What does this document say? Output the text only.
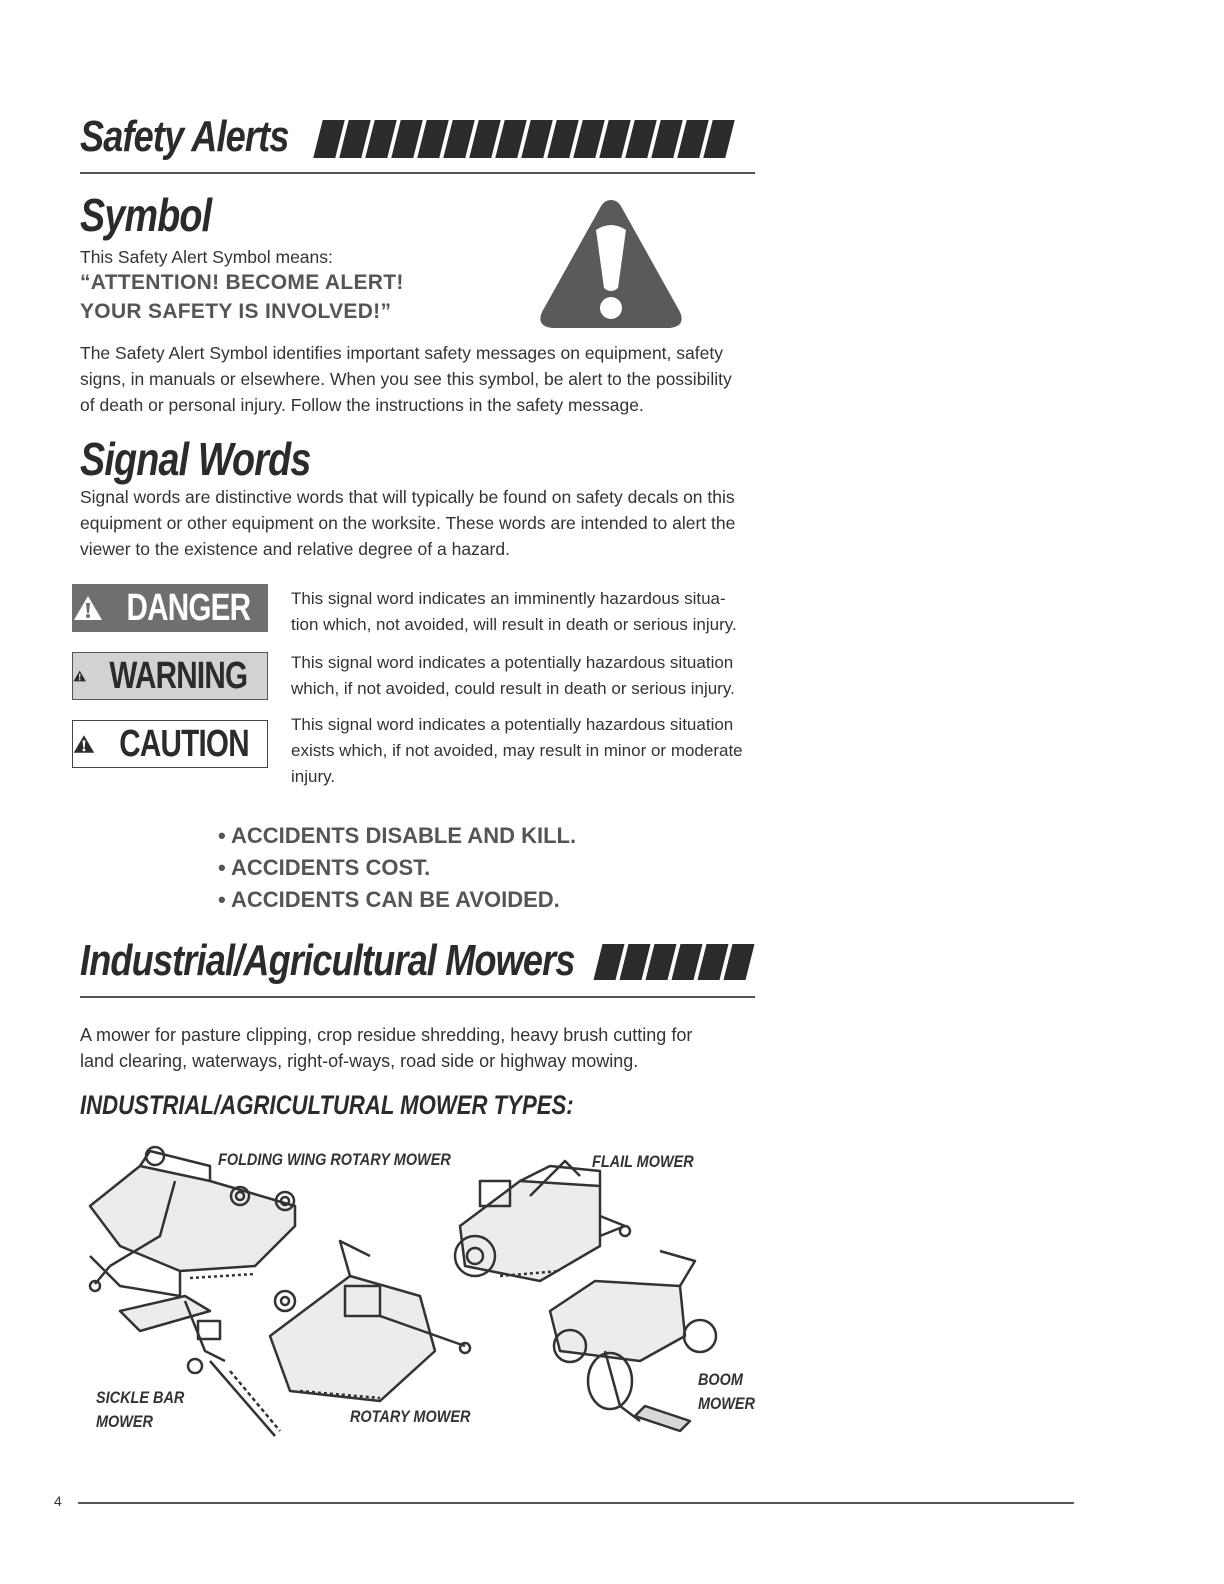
Safety Alerts
Symbol
This Safety Alert Symbol means:
“ATTENTION! BECOME ALERT!
YOUR SAFETY IS INVOLVED!”
The Safety Alert Symbol identifies important safety messages on equipment, safety
signs, in manuals or elsewhere. When you see this symbol, be alert to the possibility
of death or personal injury. Follow the instructions in the safety message.
Signal Words
Signal words are distinctive words that will typically be found on safety decals on this
equipment or other equipment on the worksite. These words are intended to alert the
viewer to the existence and relative degree of a hazard.
DANGER This signal word indicates an imminently hazardous situa-
tion which, not avoided, will result in death or serious injury.
WARNING	This signal word indicates a potentially hazardous situation
which, if not avoided, could result in death or serious injury.
CAUTION This signal word indicates a potentially hazardous situation
exists which, if not avoided, may result in minor or moderate
injury.
• ACCIDENTS DISABLE AND KILL.
• ACCIDENTS COST.
• ACCIDENTS CAN BE AVOIDED.
Industrial/Agricultural Mowers
A mower for pasture clipping, crop residue shredding, heavy brush cutting for
land clearing, waterways, right-of-ways, road side or highway mowing.
INDUSTRIAL/AGRICULTURAL MOWER TYPES:
FOLDING WING ROTARY MOWER	FLAIL MOWER
SICKLE BAR
MOWER	ROTARY MOWER
BOOM
MOWER
4
